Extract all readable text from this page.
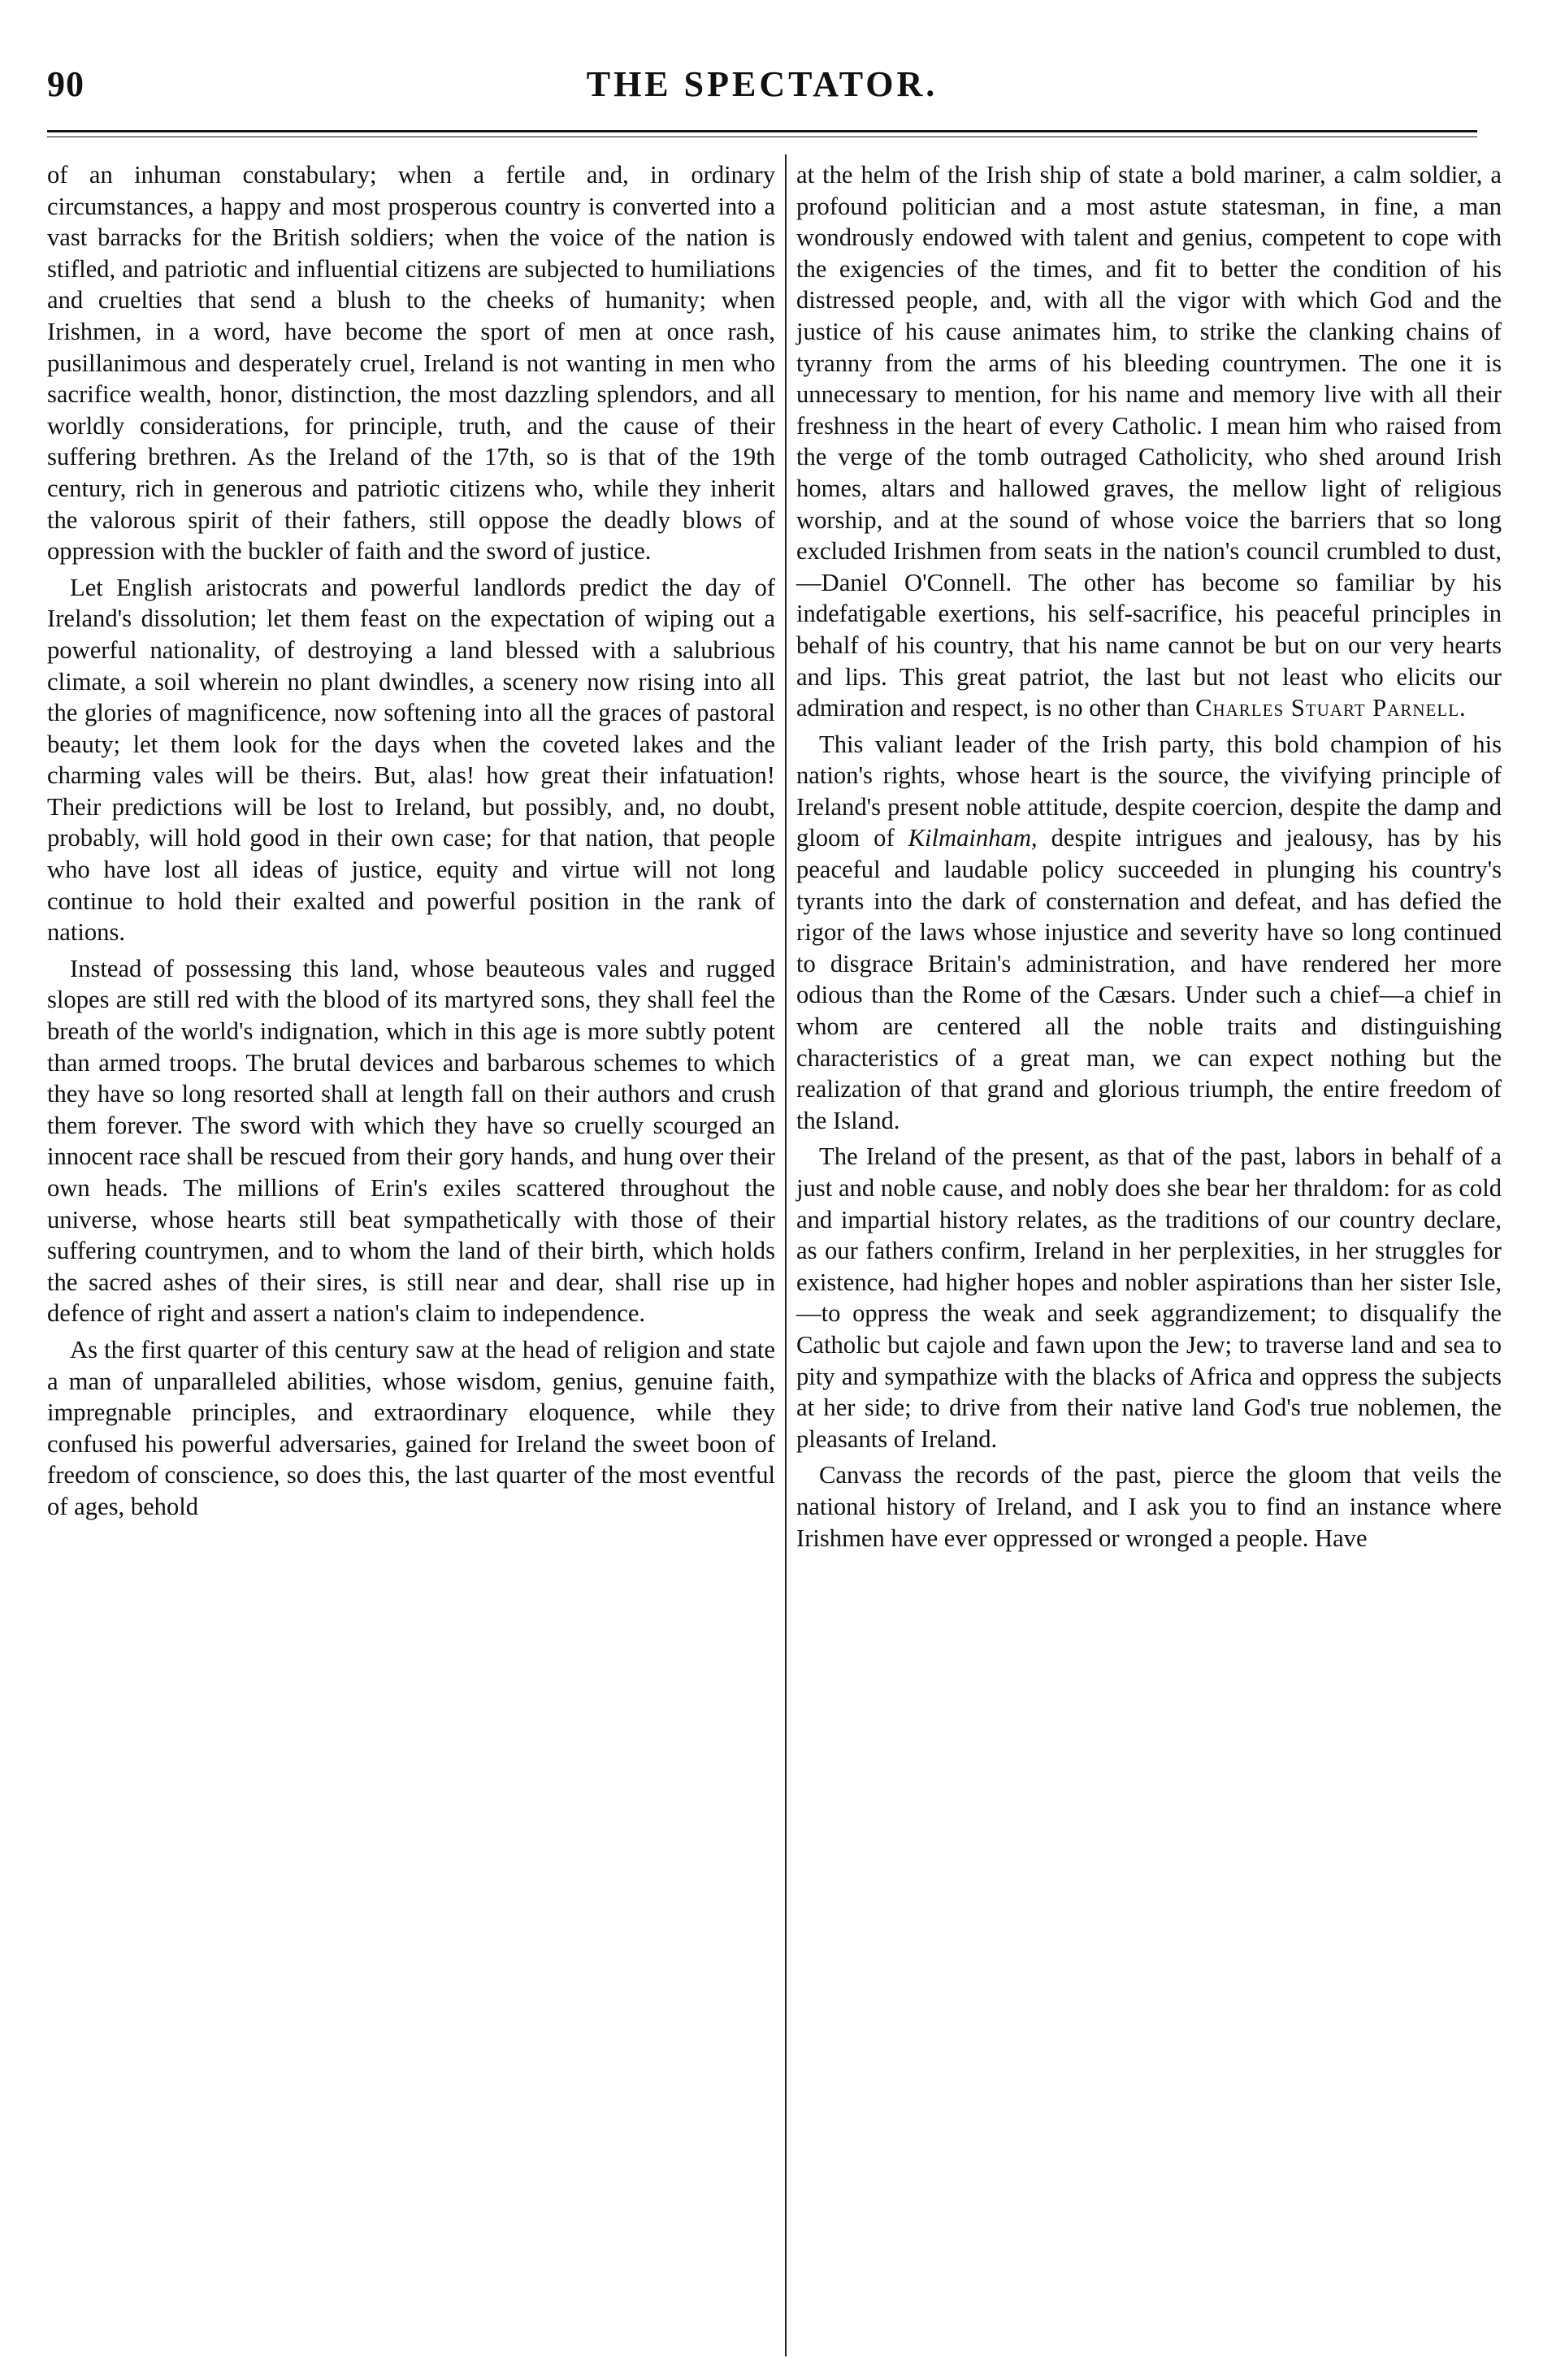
90	THE SPECTATOR.

of an inhuman constabulary; when a fertile and, in ordinary circumstances, a happy and most prosperous country is converted into a vast barracks for the British soldiers; when the voice of the nation is stifled, and patriotic and influential citizens are subjected to humiliations and cruelties that send a blush to the cheeks of humanity; when Irishmen, in a word, have become the sport of men at once rash, pusillanimous and desperately cruel, Ireland is not wanting in men who sacrifice wealth, honor, distinction, the most dazzling splendors, and all worldly considerations, for principle, truth, and the cause of their suffering brethren. As the Ireland of the 17th, so is that of the 19th century, rich in generous and patriotic citizens who, while they inherit the valorous spirit of their fathers, still oppose the deadly blows of oppression with the buckler of faith and the sword of justice.

Let English aristocrats and powerful landlords predict the day of Ireland's dissolution; let them feast on the expectation of wiping out a powerful nationality, of destroying a land blessed with a salubrious climate, a soil wherein no plant dwindles, a scenery now rising into all the glories of magnificence, now softening into all the graces of pastoral beauty; let them look for the days when the coveted lakes and the charming vales will be theirs. But, alas! how great their infatuation! Their predictions will be lost to Ireland, but possibly, and, no doubt, probably, will hold good in their own case; for that nation, that people who have lost all ideas of justice, equity and virtue will not long continue to hold their exalted and powerful position in the rank of nations.

Instead of possessing this land, whose beauteous vales and rugged slopes are still red with the blood of its martyred sons, they shall feel the breath of the world's indignation, which in this age is more subtly potent than armed troops. The brutal devices and barbarous schemes to which they have so long resorted shall at length fall on their authors and crush them forever. The sword with which they have so cruelly scourged an innocent race shall be rescued from their gory hands, and hung over their own heads. The millions of Erin's exiles scattered throughout the universe, whose hearts still beat sympathetically with those of their suffering countrymen, and to whom the land of their birth, which holds the sacred ashes of their sires, is still near and dear, shall rise up in defence of right and assert a nation's claim to independence.

As the first quarter of this century saw at the head of religion and state a man of unparalleled abilities, whose wisdom, genius, genuine faith, impregnable principles, and extraordinary eloquence, while they confused his powerful adversaries, gained for Ireland the sweet boon of freedom of conscience, so does this, the last quarter of the most eventful of ages, behold

at the helm of the Irish ship of state a bold mariner, a calm soldier, a profound politician and a most astute statesman, in fine, a man wondrously endowed with talent and genius, competent to cope with the exigencies of the times, and fit to better the condition of his distressed people, and, with all the vigor with which God and the justice of his cause animates him, to strike the clanking chains of tyranny from the arms of his bleeding countrymen. The one it is unnecessary to mention, for his name and memory live with all their freshness in the heart of every Catholic. I mean him who raised from the verge of the tomb outraged Catholicity, who shed around Irish homes, altars and hallowed graves, the mellow light of religious worship, and at the sound of whose voice the barriers that so long excluded Irishmen from seats in the nation's council crumbled to dust,—Daniel O'Connell. The other has become so familiar by his indefatigable exertions, his self-sacrifice, his peaceful principles in behalf of his country, that his name cannot be but on our very hearts and lips. This great patriot, the last but not least who elicits our admiration and respect, is no other than Charles Stuart Parnell.

This valiant leader of the Irish party, this bold champion of his nation's rights, whose heart is the source, the vivifying principle of Ireland's present noble attitude, despite coercion, despite the damp and gloom of Kilmainham, despite intrigues and jealousy, has by his peaceful and laudable policy succeeded in plunging his country's tyrants into the dark of consternation and defeat, and has defied the rigor of the laws whose injustice and severity have so long continued to disgrace Britain's administration, and have rendered her more odious than the Rome of the Cæsars. Under such a chief—a chief in whom are centered all the noble traits and distinguishing characteristics of a great man, we can expect nothing but the realization of that grand and glorious triumph, the entire freedom of the Island.

The Ireland of the present, as that of the past, labors in behalf of a just and noble cause, and nobly does she bear her thraldom: for as cold and impartial history relates, as the traditions of our country declare, as our fathers confirm, Ireland in her perplexities, in her struggles for existence, had higher hopes and nobler aspirations than her sister Isle,—to oppress the weak and seek aggrandizement; to disqualify the Catholic but cajole and fawn upon the Jew; to traverse land and sea to pity and sympathize with the blacks of Africa and oppress the subjects at her side; to drive from their native land God's true noblemen, the pleasants of Ireland.

Canvass the records of the past, pierce the gloom that veils the national history of Ireland, and I ask you to find an instance where Irishmen have ever oppressed or wronged a people. Have
